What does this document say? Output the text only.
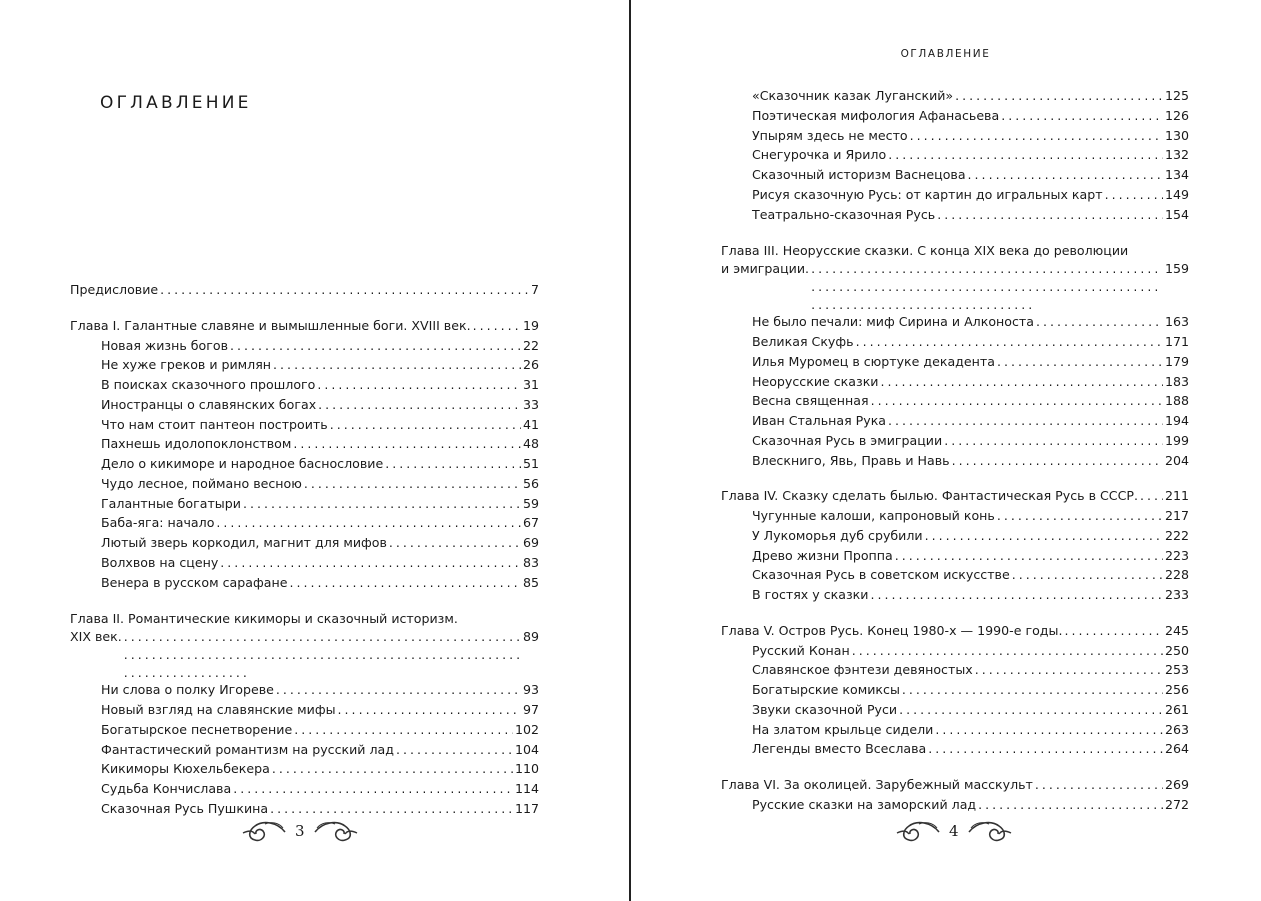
ОГЛАВЛЕНИЕ
Предисловие . . .	7
Глава I. Галантные славяне и вымышленные боги. XVIII век. . . .	19
Новая жизнь богов . . .	22
Не хуже греков и римлян . . .	26
В поисках сказочного прошлого . . .	31
Иностранцы о славянских богах . . .	33
Что нам стоит пантеон построить . . .	41
Пахнешь идолопоклонством . . .	48
Дело о кикиморе и народное баснословие . . .	51
Чудо лесное, поймано весною . . .	56
Галантные богатыри . . .	59
Баба-яга: начало . . .	67
Лютый зверь коркодил, магнит для мифов . . .	69
Волхвов на сцену . . .	83
Венера в русском сарафане . . .	85
Глава II. Романтические кикиморы и сказочный историзм.
XIX век. . . .	89
Ни слова о полку Игореве . . .	93
Новый взгляд на славянские мифы . . .	97
Богатырское песнетворение . . .	102
Фантастический романтизм на русский лад . . .	104
Кикиморы Кюхельбекера . . .	110
Судьба Кончислава . . .	114
Сказочная Русь Пушкина . . .	117
3
ОГЛАВЛЕНИЕ
«Сказочник казак Луганский» . . .	125
Поэтическая мифология Афанасьева . . .	126
Упырям здесь не место . . .	130
Снегурочка и Ярило . . .	132
Сказочный историзм Васнецова . . .	134
Рисуя сказочную Русь: от картин до игральных карт . . .	149
Театрально-сказочная Русь . . .	154
Глава III. Неорусские сказки. С конца XIX века до революции
и эмиграции. . . .	159
Не было печали: миф Сирина и Алконоста . . .	163
Великая Скуфь . . .	171
Илья Муромец в сюртуке декадента . . .	179
Неорусские сказки . . .	183
Весна священная . . .	188
Иван Стальная Рука . . .	194
Сказочная Русь в эмиграции . . .	199
Влескниго, Явь, Правь и Навь . . .	204
Глава IV. Сказку сделать былью. Фантастическая Русь в СССР. . . . 211
Чугунные калоши, капроновый конь . . .	217
У Лукоморья дуб срубили . . .	222
Древо жизни Проппа . . .	223
Сказочная Русь в советском искусстве . . .	228
В гостях у сказки . . .	233
Глава V. Остров Русь. Конец 1980-х — 1990-е годы. . . .	245
Русский Конан . . .	250
Славянское фэнтези девяностых . . .	253
Богатырские комиксы . . .	256
Звуки сказочной Руси . . .	261
На златом крыльце сидели . . .	263
Легенды вместо Всеслава . . .	264
Глава VI. За околицей. Зарубежный масскульт . . .	269
Русские сказки на заморский лад . . .	272
4
